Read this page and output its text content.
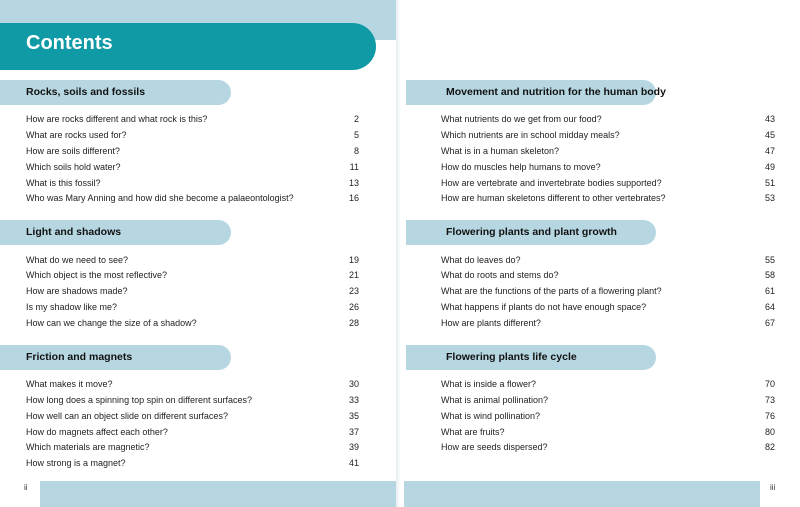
Contents
Rocks, soils and fossils
How are rocks different and what rock is this?	2
What are rocks used for?	5
How are soils different?	8
Which soils hold water?	11
What is this fossil?	13
Who was Mary Anning and how did she become a palaeontologist?	16
Light and shadows
What do we need to see?	19
Which object is the most reflective?	21
How are shadows made?	23
Is my shadow like me?	26
How can we change the size of a shadow?	28
Friction and magnets
What makes it move?	30
How long does a spinning top spin on different surfaces?	33
How well can an object slide on different surfaces?	35
How do magnets affect each other?	37
Which materials are magnetic?	39
How strong is a magnet?	41
ii
Movement and nutrition for the human body
What nutrients do we get from our food?	43
Which nutrients are in school midday meals?	45
What is in a human skeleton?	47
How do muscles help humans to move?	49
How are vertebrate and invertebrate bodies supported?	51
How are human skeletons different to other vertebrates?	53
Flowering plants and plant growth
What do leaves do?	55
What do roots and stems do?	58
What are the functions of the parts of a flowering plant?	61
What happens if plants do not have enough space?	64
How are plants different?	67
Flowering plants life cycle
What is inside a flower?	70
What is animal pollination?	73
What is wind pollination?	76
What are fruits?	80
How are seeds dispersed?	82
iii
